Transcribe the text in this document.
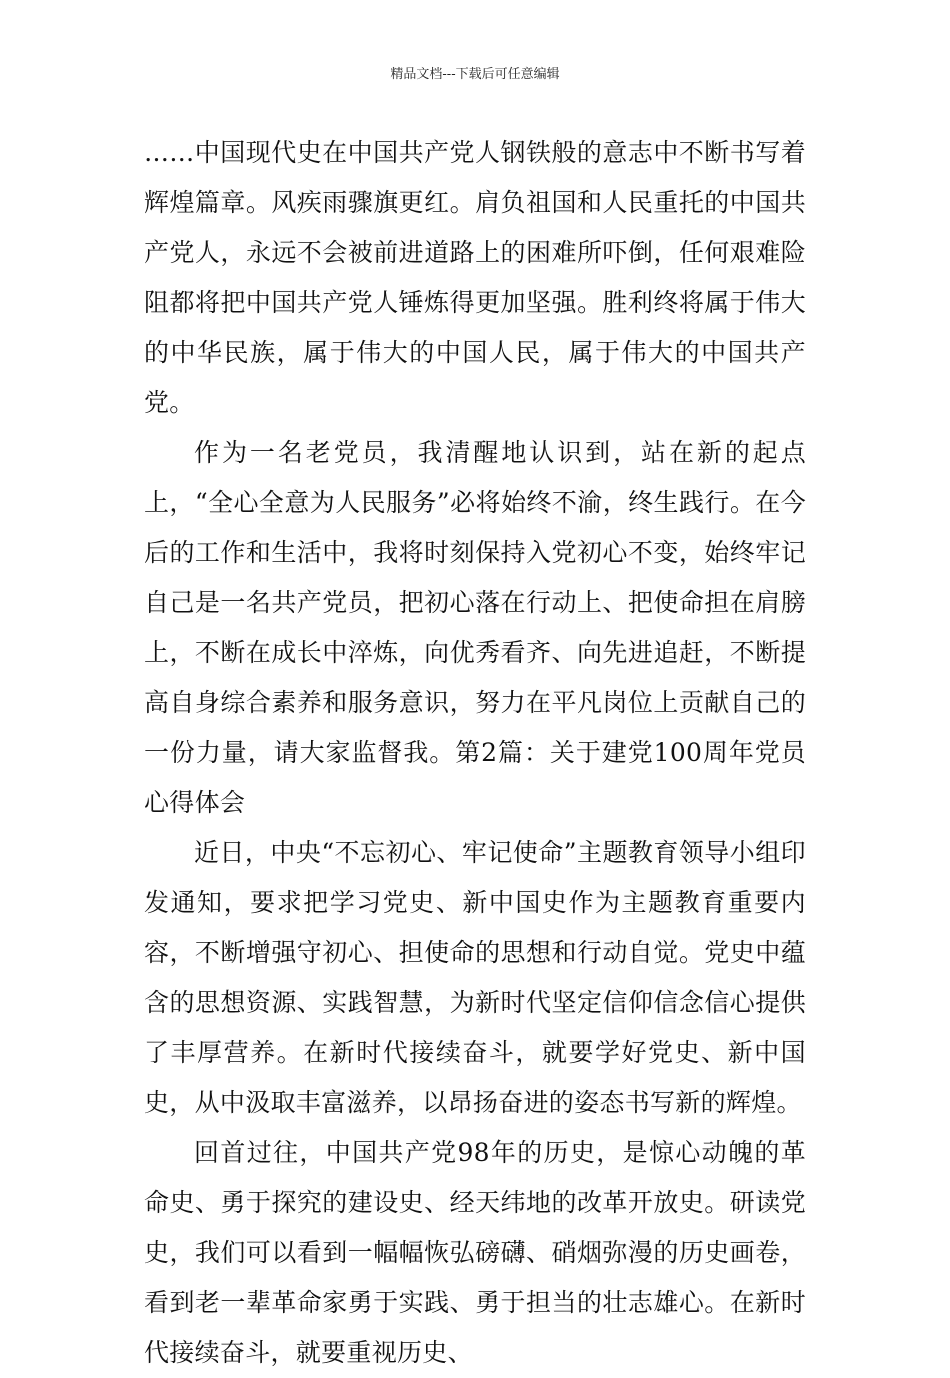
精品文档---下载后可任意编辑

……中国现代史在中国共产党人钢铁般的意志中不断书写着辉煌篇章。风疾雨骤旗更红。肩负祖国和人民重托的中国共产党人，永远不会被前进道路上的困难所吓倒，任何艰难险阻都将把中国共产党人锤炼得更加坚强。胜利终将属于伟大的中华民族，属于伟大的中国人民，属于伟大的中国共产党。

作为一名老党员，我清醒地认识到，站在新的起点上，“全心全意为人民服务”必将始终不渝，终生践行。在今后的工作和生活中，我将时刻保持入党初心不变，始终牢记自己是一名共产党员，把初心落在行动上、把使命担在肩膀上，不断在成长中淬炼，向优秀看齐、向先进追赶，不断提高自身综合素养和服务意识，努力在平凡岗位上贡献自己的一份力量，请大家监督我。第2篇：关于建党100周年党员心得体会

近日，中央“不忘初心、牢记使命”主题教育领导小组印发通知，要求把学习党史、新中国史作为主题教育重要内容，不断增强守初心、担使命的思想和行动自觉。党史中蕴含的思想资源、实践智慧，为新时代坚定信仰信念信心提供了丰厚营养。在新时代接续奋斗，就要学好党史、新中国史，从中汲取丰富滋养，以昂扬奋进的姿态书写新的辉煌。

回首过往，中国共产党98年的历史，是惊心动魄的革命史、勇于探究的建设史、经天纬地的改革开放史。研读党史，我们可以看到一幅幅恢弘磅礴、硝烟弥漫的历史画卷，看到老一辈革命家勇于实践、勇于担当的壮志雄心。在新时代接续奋斗，就要重视历史、
